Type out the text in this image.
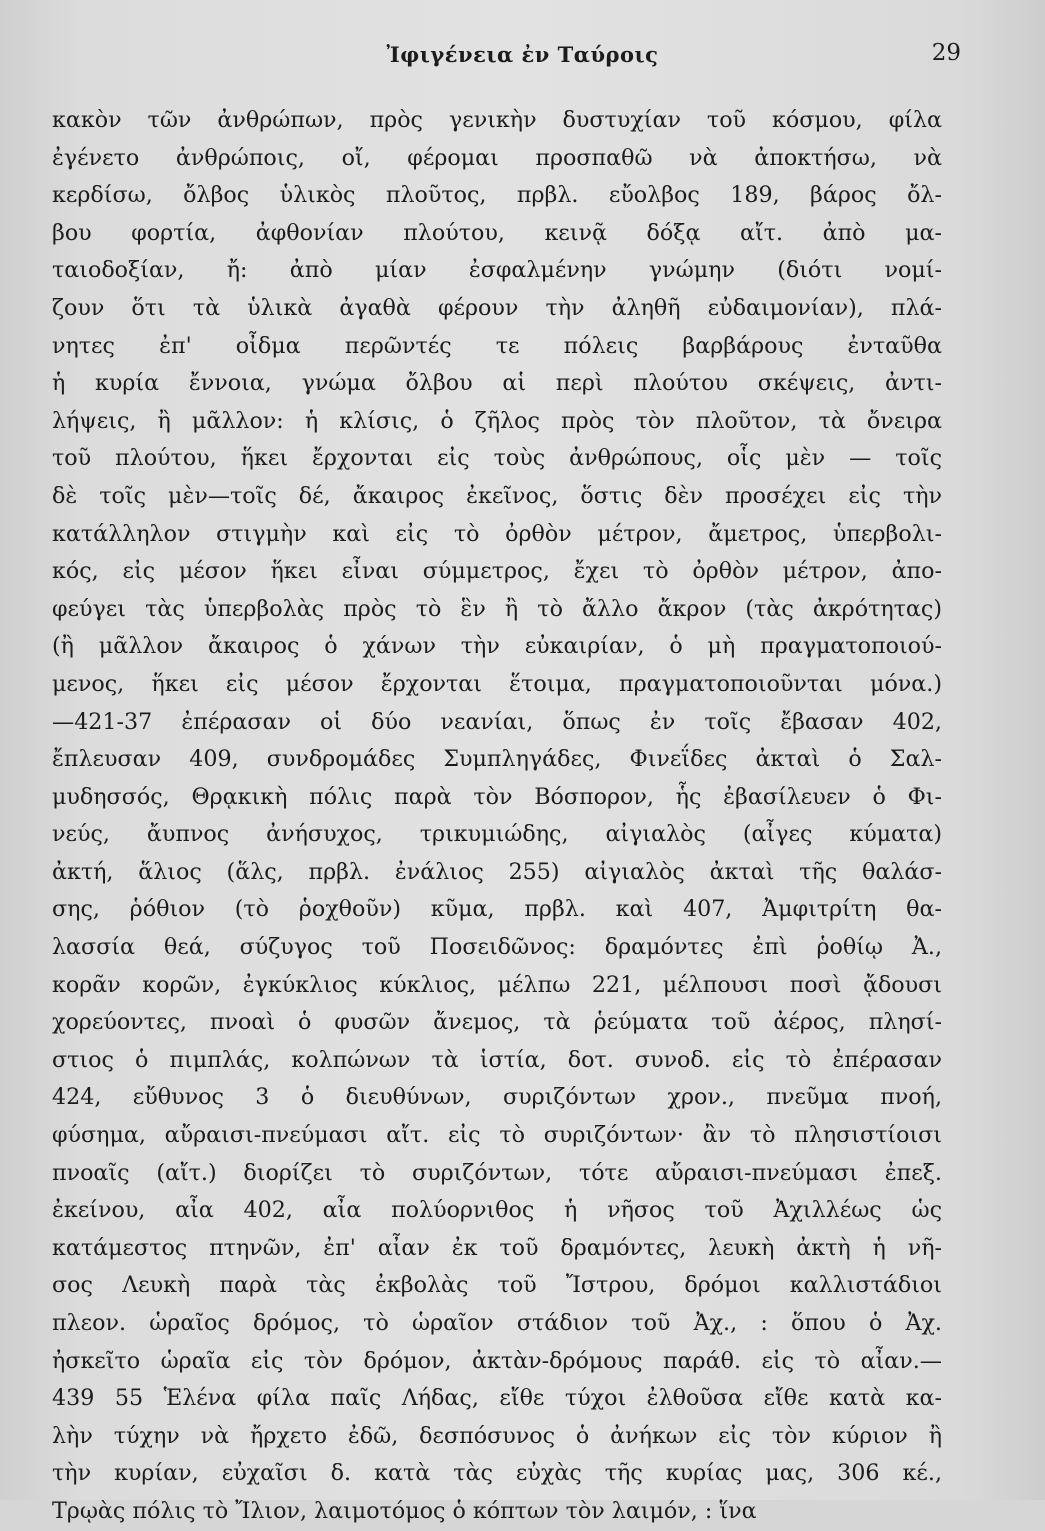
Ἰφιγένεια ἐν Ταύροις	29
κακὸν τῶν ἀνθρώπων, πρὸς γενικὴν δυστυχίαν τοῦ κόσμου, φίλα
ἐγένετο ἀνθρώποις, οἴ, φέρομαι προσπαθῶ νὰ ἀποκτήσω, νὰ
κερδίσω, ὄλβος ὑλικὸς πλοῦτος, πρβλ. εὔολβος 189, βάρος ὄλ-
βου φορτία, ἀφθονίαν πλούτου, κεινᾷ δόξᾳ αἴτ. ἀπὸ μα-
ταιοδοξίαν, ἤ: ἀπὸ μίαν ἐσφαλμένην γνώμην (διότι νομί-
ζουν ὅτι τὰ ὑλικὰ ἀγαθὰ φέρουν τὴν ἀληθῆ εὐδαιμονίαν), πλά-
νητες ἐπ' οἶδμα περῶντές τε πόλεις βαρβάρους ἐνταῦθα
ἡ κυρία ἔννοια, γνώμα ὄλβου αἱ περὶ πλούτου σκέψεις, ἀντι-
λήψεις, ἢ μᾶλλον: ἡ κλίσις, ὁ ζῆλος πρὸς τὸν πλοῦτον, τὰ ὄνειρα
τοῦ πλούτου, ἥκει ἔρχονται εἰς τοὺς ἀνθρώπους, οἷς μὲν — τοῖς
δὲ τοῖς μὲν—τοῖς δέ, ἄκαιρος ἐκεῖνος, ὅστις δὲν προσέχει εἰς τὴν
κατάλληλον στιγμὴν καὶ εἰς τὸ ὀρθὸν μέτρον, ἄμετρος, ὑπερβολι-
κός, εἰς μέσον ἥκει εἶναι σύμμετρος, ἔχει τὸ ὀρθὸν μέτρον, ἀπο-
φεύγει τὰς ὑπερβολὰς πρὸς τὸ ἓν ἢ τὸ ἄλλο ἄκρον (τὰς ἀκρότητας)
(ἢ μᾶλλον ἄκαιρος ὁ χάνων τὴν εὐκαιρίαν, ὁ μὴ πραγματοποιού-
μενος, ἥκει εἰς μέσον ἔρχονται ἕτοιμα, πραγματοποιοῦνται μόνα.)
—421-37 ἐπέρασαν οἱ δύο νεανίαι, ὅπως ἐν τοῖς ἔβασαν 402,
ἔπλευσαν 409, συνδρομάδες Συμπληγάδες, Φινεΐδες ἀκταὶ ὁ Σαλ-
μυδησσός, Θρᾳκικὴ πόλις παρὰ τὸν Βόσπορον, ἧς ἐβασίλευεν ὁ Φι-
νεύς, ἄυπνος ἀνήσυχος, τρικυμιώδης, αἰγιαλὸς (αἶγες κύματα)
ἀκτή, ἅλιος (ἅλς, πρβλ. ἐνάλιος 255) αἰγιαλὸς ἀκταὶ τῆς θαλάσ-
σης, ῥόθιον (τὸ ῥοχθοῦν) κῦμα, πρβλ. καὶ 407, Ἀμφιτρίτη θα-
λασσία θεά, σύζυγος τοῦ Ποσειδῶνος: δραμόντες ἐπὶ ῥοθίῳ Ἀ.,
κορᾶν κορῶν, ἐγκύκλιος κύκλιος, μέλπω 221, μέλπουσι ποσὶ ᾄδουσι
χορεύοντες, πνοαὶ ὁ φυσῶν ἄνεμος, τὰ ῥεύματα τοῦ ἀέρος, πλησί-
στιος ὁ πιμπλάς, κολπώνων τὰ ἱστία, δοτ. συνοδ. εἰς τὸ ἐπέρασαν
424, εὔθυνος 3 ὁ διευθύνων, συριζόντων χρον., πνεῦμα πνοή,
φύσημα, αὔραισι-πνεύμασι αἴτ. εἰς τὸ συριζόντων· ἂν τὸ πλησιστίοισι
πνοαῖς (αἴτ.) διορίζει τὸ συριζόντων, τότε αὔραισι-πνεύμασι ἐπεξ.
ἐκείνου, αἶα 402, αἶα πολύορνιθος ἡ νῆσος τοῦ Ἀχιλλέως ὡς
κατάμεστος πτηνῶν, ἐπ' αἶαν ἐκ τοῦ δραμόντες, λευκὴ ἀκτὴ ἡ νῆ-
σος Λευκὴ παρὰ τὰς ἐκβολὰς τοῦ Ἴστρου, δρόμοι καλλιστάδιοι
πλεον. ὡραῖος δρόμος, τὸ ὡραῖον στάδιον τοῦ Ἀχ., : ὅπου ὁ Ἀχ.
ἠσκεῖτο ὡραῖα εἰς τὸν δρόμον, ἀκτὰν-δρόμους παράθ. εἰς τὸ αἶαν.—
439 55 Ἑλένα φίλα παῖς Λήδας, εἴθε τύχοι ἐλθοῦσα εἴθε κατὰ κα-
λὴν τύχην νὰ ἤρχετο ἐδῶ, δεσπόσυνος ὁ ἀνήκων εἰς τὸν κύριον ἢ
τὴν κυρίαν, εὐχαῖσι δ. κατὰ τὰς εὐχὰς τῆς κυρίας μας, 306 κέ.,
Τρῳὰς πόλις τὸ Ἴλιον, λαιμοτόμος ὁ κόπτων τὸν λαιμόν, : ἵνα
